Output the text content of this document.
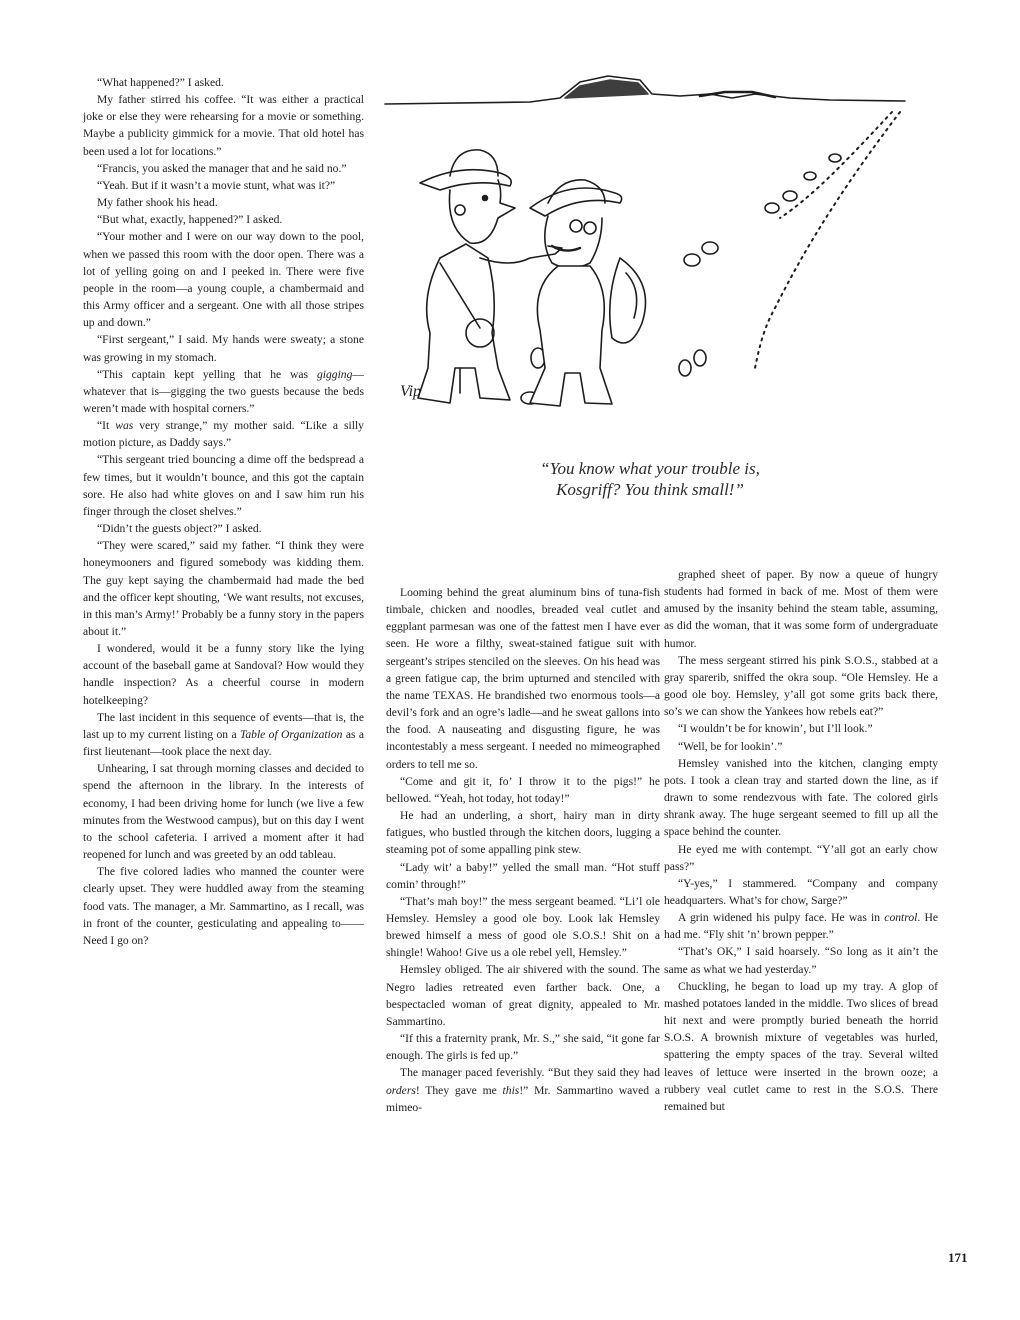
“What happened?” I asked.

My father stirred his coffee. “It was either a practical joke or else they were rehearsing for a movie or something. Maybe a publicity gimmick for a movie. That old hotel has been used a lot for locations.”

“Francis, you asked the manager that and he said no.”

“Yeah. But if it wasn’t a movie stunt, what was it?”

My father shook his head.

“But what, exactly, happened?” I asked.

“Your mother and I were on our way down to the pool, when we passed this room with the door open. There was a lot of yelling going on and I peeked in. There were five people in the room—a young couple, a chambermaid and this Army officer and a sergeant. One with all those stripes up and down.”

“First sergeant,” I said. My hands were sweaty; a stone was growing in my stomach.

“This captain kept yelling that he was gigging—whatever that is—gigging the two guests because the beds weren’t made with hospital corners.”

“It was very strange,” my mother said. “Like a silly motion picture, as Daddy says.”

“This sergeant tried bouncing a dime off the bedspread a few times, but it wouldn’t bounce, and this got the captain sore. He also had white gloves on and I saw him run his finger through the closet shelves.”

“Didn’t the guests object?” I asked.

“They were scared,” said my father. “I think they were honeymooners and figured somebody was kidding them. The guy kept saying the chambermaid had made the bed and the officer kept shouting, ‘We want results, not excuses, in this man’s Army!’ Probably be a funny story in the papers about it.”

I wondered, would it be a funny story like the lying account of the baseball game at Sandoval? How would they handle inspection? As a cheerful course in modern hotelkeeping?

The last incident in this sequence of events—that is, the last up to my current listing on a Table of Organization as a first lieutenant—took place the next day.

Unhearing, I sat through morning classes and decided to spend the afternoon in the library. In the interests of economy, I had been driving home for lunch (we live a few minutes from the Westwood campus), but on this day I went to the school cafeteria. I arrived a moment after it had reopened for lunch and was greeted by an odd tableau.

The five colored ladies who manned the counter were clearly upset. They were huddled away from the steaming food vats. The manager, a Mr. Sammartino, as I recall, was in front of the counter, gesticulating and appealing to—— Need I go on?

Vip
“You know what your trouble is,
Kosgriff? You think small!”

Looming behind the great aluminum bins of tuna-fish timbale, chicken and noodles, breaded veal cutlet and eggplant parmesan was one of the fattest men I have ever seen. He wore a filthy, sweat-stained fatigue suit with sergeant’s stripes stenciled on the sleeves. On his head was a green fatigue cap, the brim upturned and stenciled with the name TEXAS. He brandished two enormous tools—a devil’s fork and an ogre’s ladle—and he sweat gallons into the food. A nauseating and disgusting figure, he was incontestably a mess sergeant. I needed no mimeographed orders to tell me so.

“Come and git it, fo’ I throw it to the pigs!” he bellowed. “Yeah, hot today, hot today!”

He had an underling, a short, hairy man in dirty fatigues, who bustled through the kitchen doors, lugging a steaming pot of some appalling pink stew.

“Lady wit’ a baby!” yelled the small man. “Hot stuff comin’ through!”

“That’s mah boy!” the mess sergeant beamed. “Li’l ole Hemsley. Hemsley a good ole boy. Look lak Hemsley brewed himself a mess of good ole S.O.S.! Shit on a shingle! Wahoo! Give us a ole rebel yell, Hemsley.”

Hemsley obliged. The air shivered with the sound. The Negro ladies retreated even farther back. One, a bespectacled woman of great dignity, appealed to Mr. Sammartino.

“If this a fraternity prank, Mr. S.,” she said, “it gone far enough. The girls is fed up.”

The manager paced feverishly. “But they said they had orders! They gave me this!” Mr. Sammartino waved a mimeo-

graphed sheet of paper. By now a queue of hungry students had formed in back of me. Most of them were amused by the insanity behind the steam table, assuming, as did the woman, that it was some form of undergraduate humor.

The mess sergeant stirred his pink S.O.S., stabbed at a gray sparerib, sniffed the okra soup. “Ole Hemsley. He a good ole boy. Hemsley, y’all got some grits back there, so’s we can show the Yankees how rebels eat?”

“I wouldn’t be for knowin’, but I’ll look.”

“Well, be for lookin’.”

Hemsley vanished into the kitchen, clanging empty pots. I took a clean tray and started down the line, as if drawn to some rendezvous with fate. The colored girls shrank away. The huge sergeant seemed to fill up all the space behind the counter.

He eyed me with contempt. “Y’all got an early chow pass?”

“Y-yes,” I stammered. “Company and company headquarters. What’s for chow, Sarge?”

A grin widened his pulpy face. He was in control. He had me. “Fly shit ’n’ brown pepper.”

“That’s OK,” I said hoarsely. “So long as it ain’t the same as what we had yesterday.”

Chuckling, he began to load up my tray. A glop of mashed potatoes landed in the middle. Two slices of bread hit next and were promptly buried beneath the horrid S.O.S. A brownish mixture of vegetables was hurled, spattering the empty spaces of the tray. Several wilted leaves of lettuce were inserted in the brown ooze; a rubbery veal cutlet came to rest in the S.O.S. There remained but

171
